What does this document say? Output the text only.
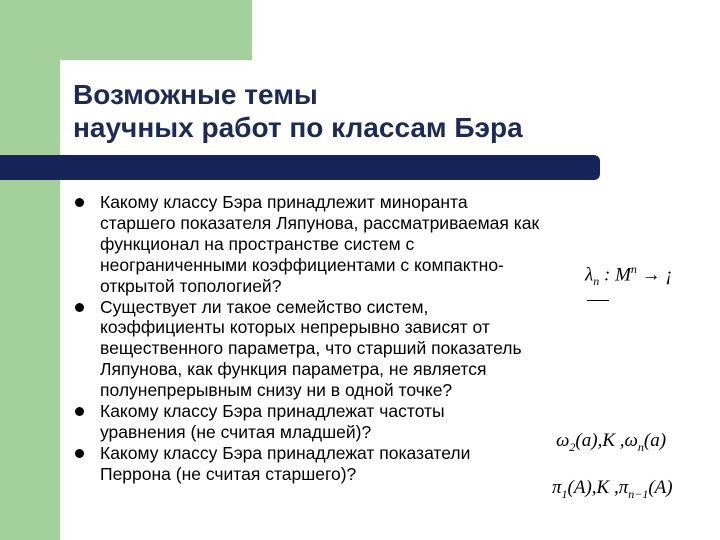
Возможные темы
научных работ по классам Бэра
Какому классу Бэра принадлежит миноранта
старшего показателя Ляпунова, рассматриваемая как
функционал на пространстве систем с
неограниченными коэффициентами с компактно-
открытой топологией?
Существует ли такое семейство систем,
коэффициенты которых непрерывно зависят от
вещественного параметра, что старший показатель
Ляпунова, как функция параметра, не является
полунепрерывным снизу ни в одной точке?
Какому классу Бэра принадлежат частоты
уравнения (не считая младшей)?
Какому классу Бэра принадлежат показатели
Перрона (не считая старшего)?
$\lambda_n$ : $M^n$ → ¡
$\omega_2(a),K$ $,\omega_n(a)$
$\pi_1(A),K$ $,\pi_{n-1}(A)$
